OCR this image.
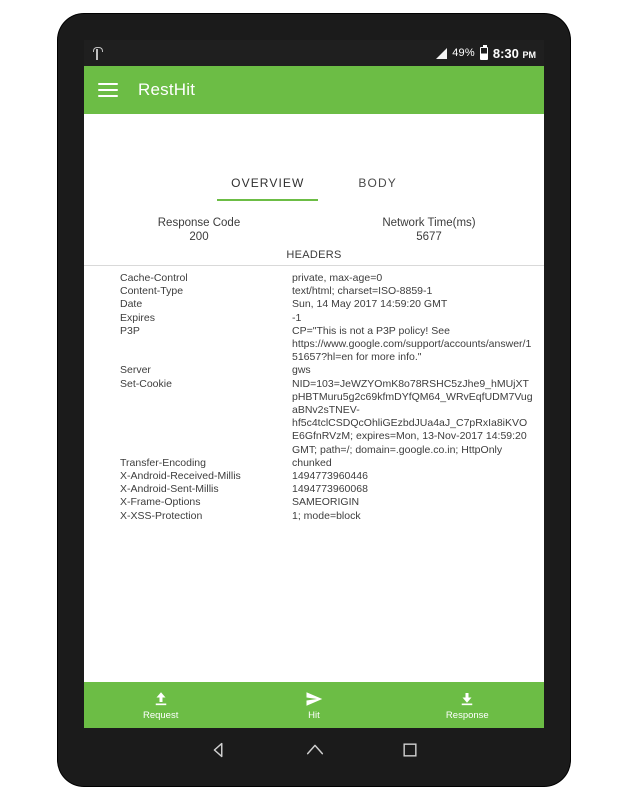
49% 8:30 PM
RestHit
OVERVIEW	BODY
Response Code
200
Network Time(ms)
5677
HEADERS
Cache-Control	private, max-age=0
Content-Type	text/html; charset=ISO-8859-1
Date	Sun, 14 May 2017 14:59:20 GMT
Expires	-1
P3P	CP="This is not a P3P policy! See https://www.google.com/support/accounts/answer/151657?hl=en for more info."
Server	gws
Set-Cookie	NID=103=JeWZYOmK8o78RSHC5zJhe9_hMUjXTpHBTMuru5g2c69kfmDYfQM64_WRvEqfUDM7VugaBNv2sTNEV-hf5c4tclCSDQcOhliGEzbdJUa4aJ_C7pRxIa8iKVOE6GfnRVzM; expires=Mon, 13-Nov-2017 14:59:20 GMT; path=/; domain=.google.co.in; HttpOnly
Transfer-Encoding	chunked
X-Android-Received-Millis	1494773960446
X-Android-Sent-Millis	1494773960068
X-Frame-Options	SAMEORIGIN
X-XSS-Protection	1; mode=block
Request	Hit	Response
